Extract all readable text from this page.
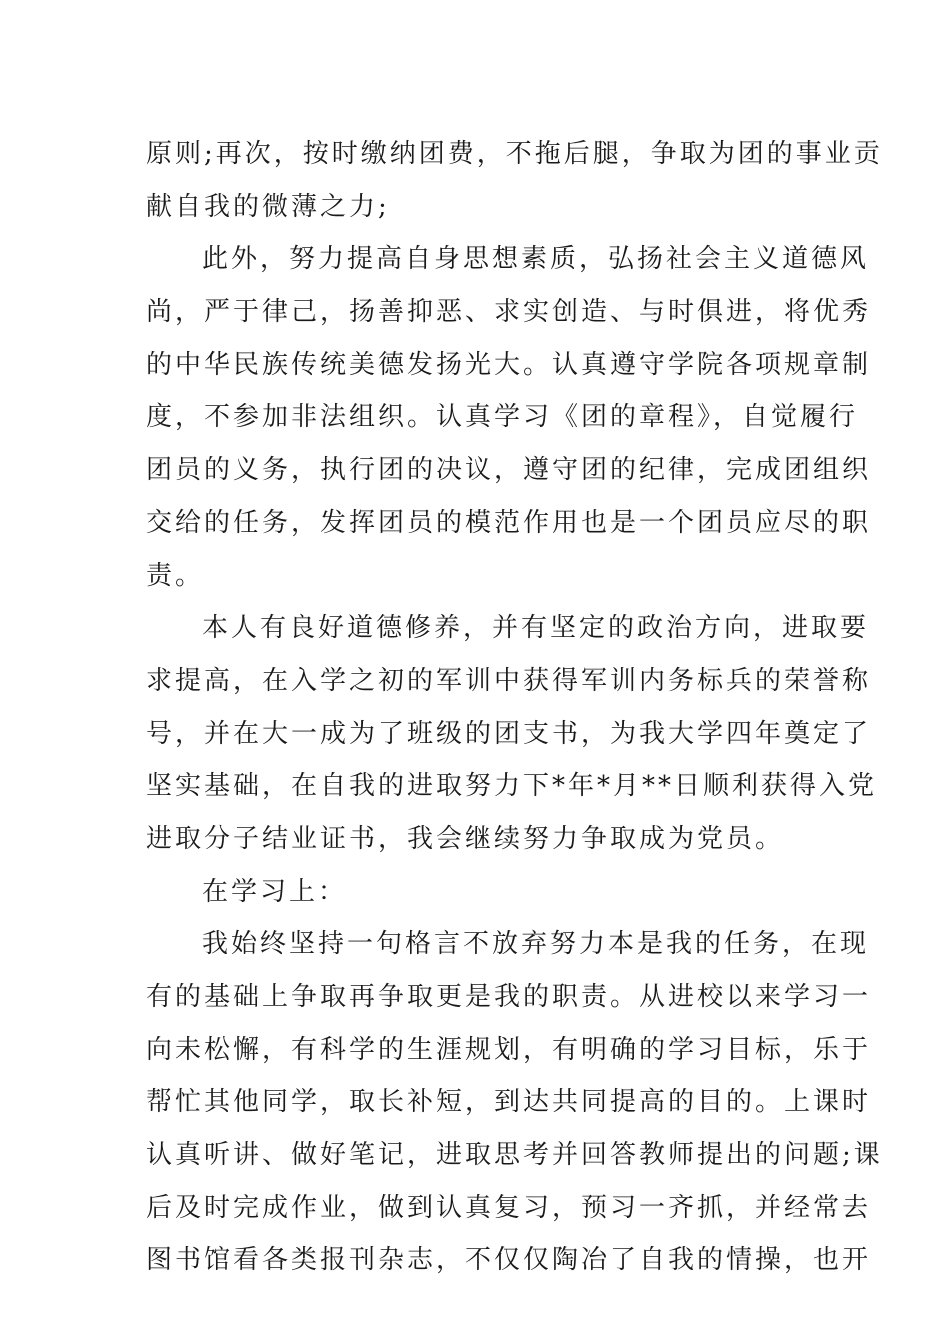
原则;再次，按时缴纳团费，不拖后腿，争取为团的事业贡
献自我的微薄之力;
此外，努力提高自身思想素质，弘扬社会主义道德风
尚，严于律己，扬善抑恶、求实创造、与时俱进，将优秀
的中华民族传统美德发扬光大。认真遵守学院各项规章制
度，不参加非法组织。认真学习《团的章程》，自觉履行
团员的义务，执行团的决议，遵守团的纪律，完成团组织
交给的任务，发挥团员的模范作用也是一个团员应尽的职
责。
本人有良好道德修养，并有坚定的政治方向，进取要
求提高，在入学之初的军训中获得军训内务标兵的荣誉称
号，并在大一成为了班级的团支书，为我大学四年奠定了
坚实基础，在自我的进取努力下*年*月**日顺利获得入党
进取分子结业证书，我会继续努力争取成为党员。
在学习上：
我始终坚持一句格言不放弃努力本是我的任务，在现
有的基础上争取再争取更是我的职责。从进校以来学习一
向未松懈，有科学的生涯规划，有明确的学习目标，乐于
帮忙其他同学，取长补短，到达共同提高的目的。上课时
认真听讲、做好笔记，进取思考并回答教师提出的问题;课
后及时完成作业，做到认真复习，预习一齐抓，并经常去
图书馆看各类报刊杂志，不仅仅陶冶了自我的情操，也开
